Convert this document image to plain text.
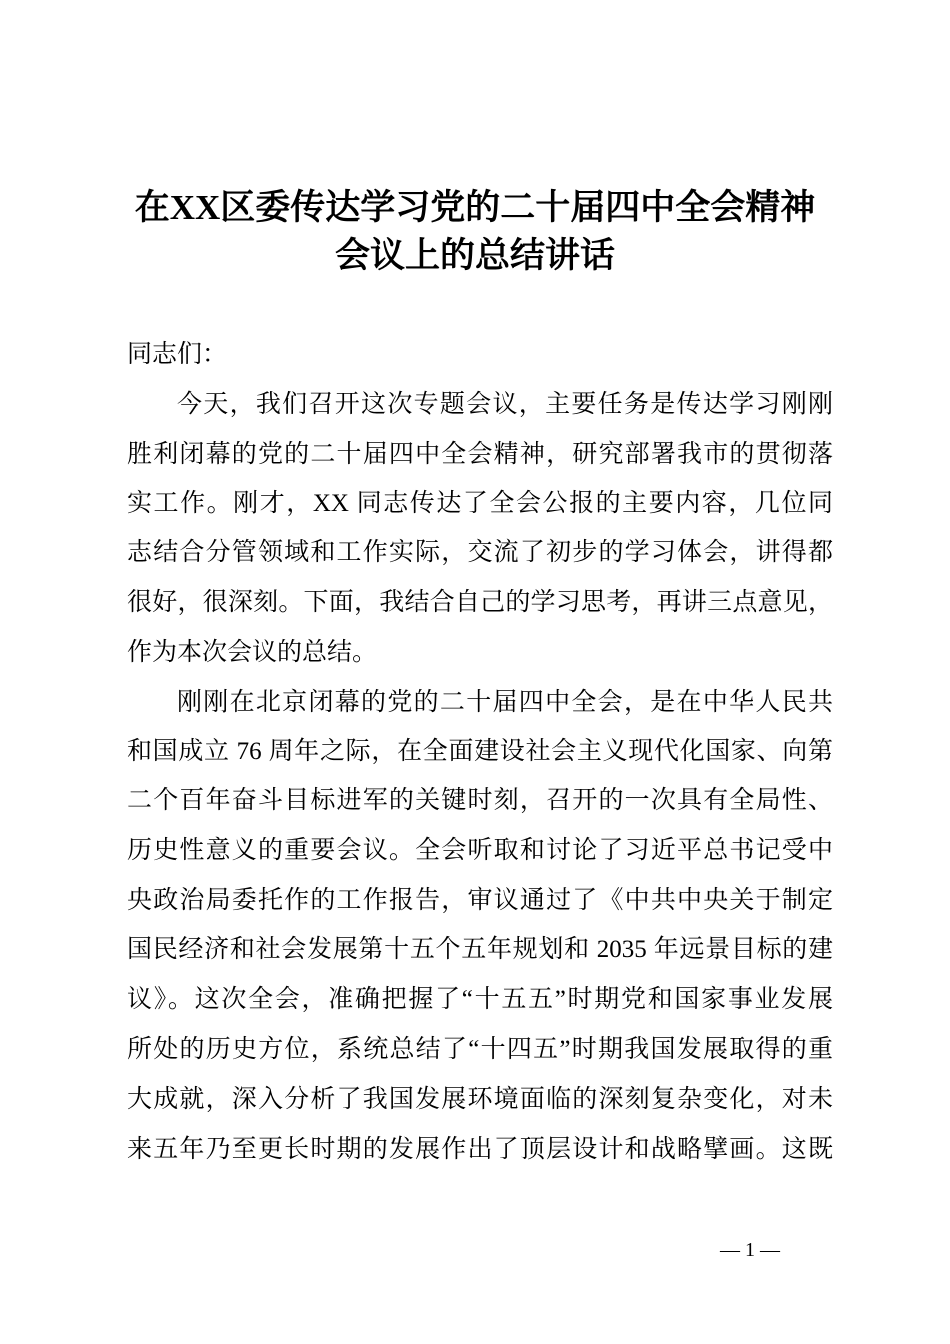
在XX区委传达学习党的二十届四中全会精神
会议上的总结讲话
同志们：
今天，我们召开这次专题会议，主要任务是传达学习刚刚
胜利闭幕的党的二十届四中全会精神，研究部署我市的贯彻落
实工作。刚才，XX 同志传达了全会公报的主要内容，几位同
志结合分管领域和工作实际，交流了初步的学习体会，讲得都
很好，很深刻。下面，我结合自己的学习思考，再讲三点意见，
作为本次会议的总结。
刚刚在北京闭幕的党的二十届四中全会，是在中华人民共
和国成立 76 周年之际，在全面建设社会主义现代化国家、向第
二个百年奋斗目标进军的关键时刻，召开的一次具有全局性、
历史性意义的重要会议。全会听取和讨论了习近平总书记受中
央政治局委托作的工作报告，审议通过了《中共中央关于制定
国民经济和社会发展第十五个五年规划和 2035 年远景目标的建
议》。这次全会，准确把握了“十五五”时期党和国家事业发展
所处的历史方位，系统总结了“十四五”时期我国发展取得的重
大成就，深入分析了我国发展环境面临的深刻复杂变化，对未
来五年乃至更长时期的发展作出了顶层设计和战略擘画。这既
— 1 —
